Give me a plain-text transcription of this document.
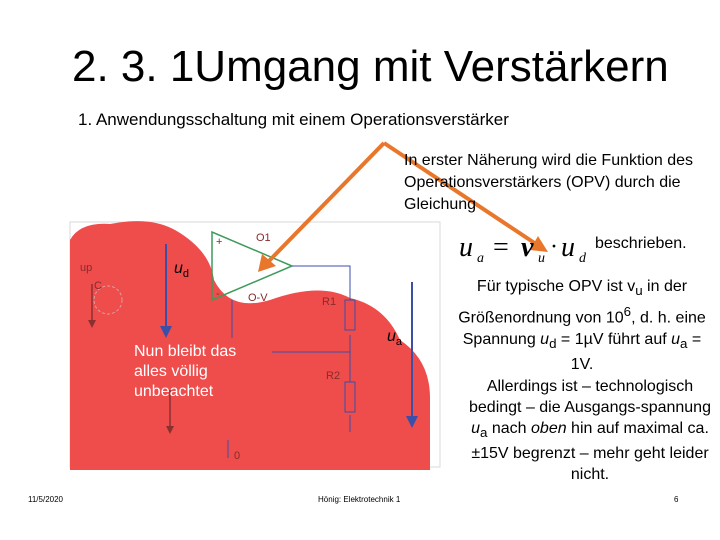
2. 3. 1Umgang mit Verstärkern
1. Anwendungsschaltung mit einem Operationsverstärker
In erster Näherung wird die Funktion des Operationsverstärkers (OPV) durch die Gleichung
u a = v u · u d
beschrieben.
Für typische OPV ist $v_u$ in der Größenordnung von $10^6$, d. h. eine Spannung $u_d = 1\mu V$ führt auf $u_a = 1V$.
Allerdings ist – technologisch bedingt – die Ausgangs-spannung $u_a$ nach oben hin auf maximal ca. ±15V begrenzt – mehr geht leider nicht.
Nun bleibt das alles völlig unbeachtet
$u_d$
$u_a$
O1
+
-	O-V
up
C
R1
R2
0
11/5/2020	Hönig: Elektrotechnik 1	6
